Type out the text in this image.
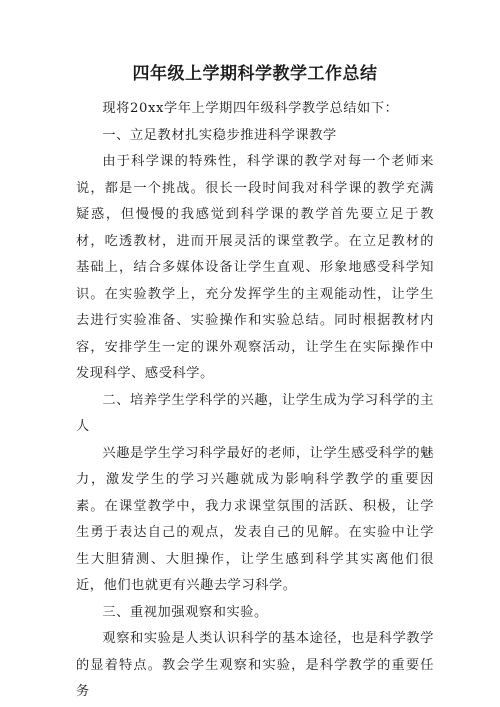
四年级上学期科学教学工作总结

现将20xx学年上学期四年级科学教学总结如下：

一、立足教材扎实稳步推进科学课教学

由于科学课的特殊性，科学课的教学对每一个老师来说，都是一个挑战。很长一段时间我对科学课的教学充满疑惑，但慢慢的我感觉到科学课的教学首先要立足于教材，吃透教材，进而开展灵活的课堂教学。在立足教材的基础上，结合多媒体设备让学生直观、形象地感受科学知识。在实验教学上，充分发挥学生的主观能动性，让学生去进行实验准备、实验操作和实验总结。同时根据教材内容，安排学生一定的课外观察活动，让学生在实际操作中发现科学、感受科学。

二、培养学生学科学的兴趣，让学生成为学习科学的主人

兴趣是学生学习科学最好的老师，让学生感受科学的魅力，激发学生的学习兴趣就成为影响科学教学的重要因素。在课堂教学中，我力求课堂氛围的活跃、积极，让学生勇于表达自己的观点，发表自己的见解。在实验中让学生大胆猜测、大胆操作，让学生感到科学其实离他们很近，他们也就更有兴趣去学习科学。

三、重视加强观察和实验。

观察和实验是人类认识科学的基本途径，也是科学教学的显着特点。教会学生观察和实验，是科学教学的重要任务
